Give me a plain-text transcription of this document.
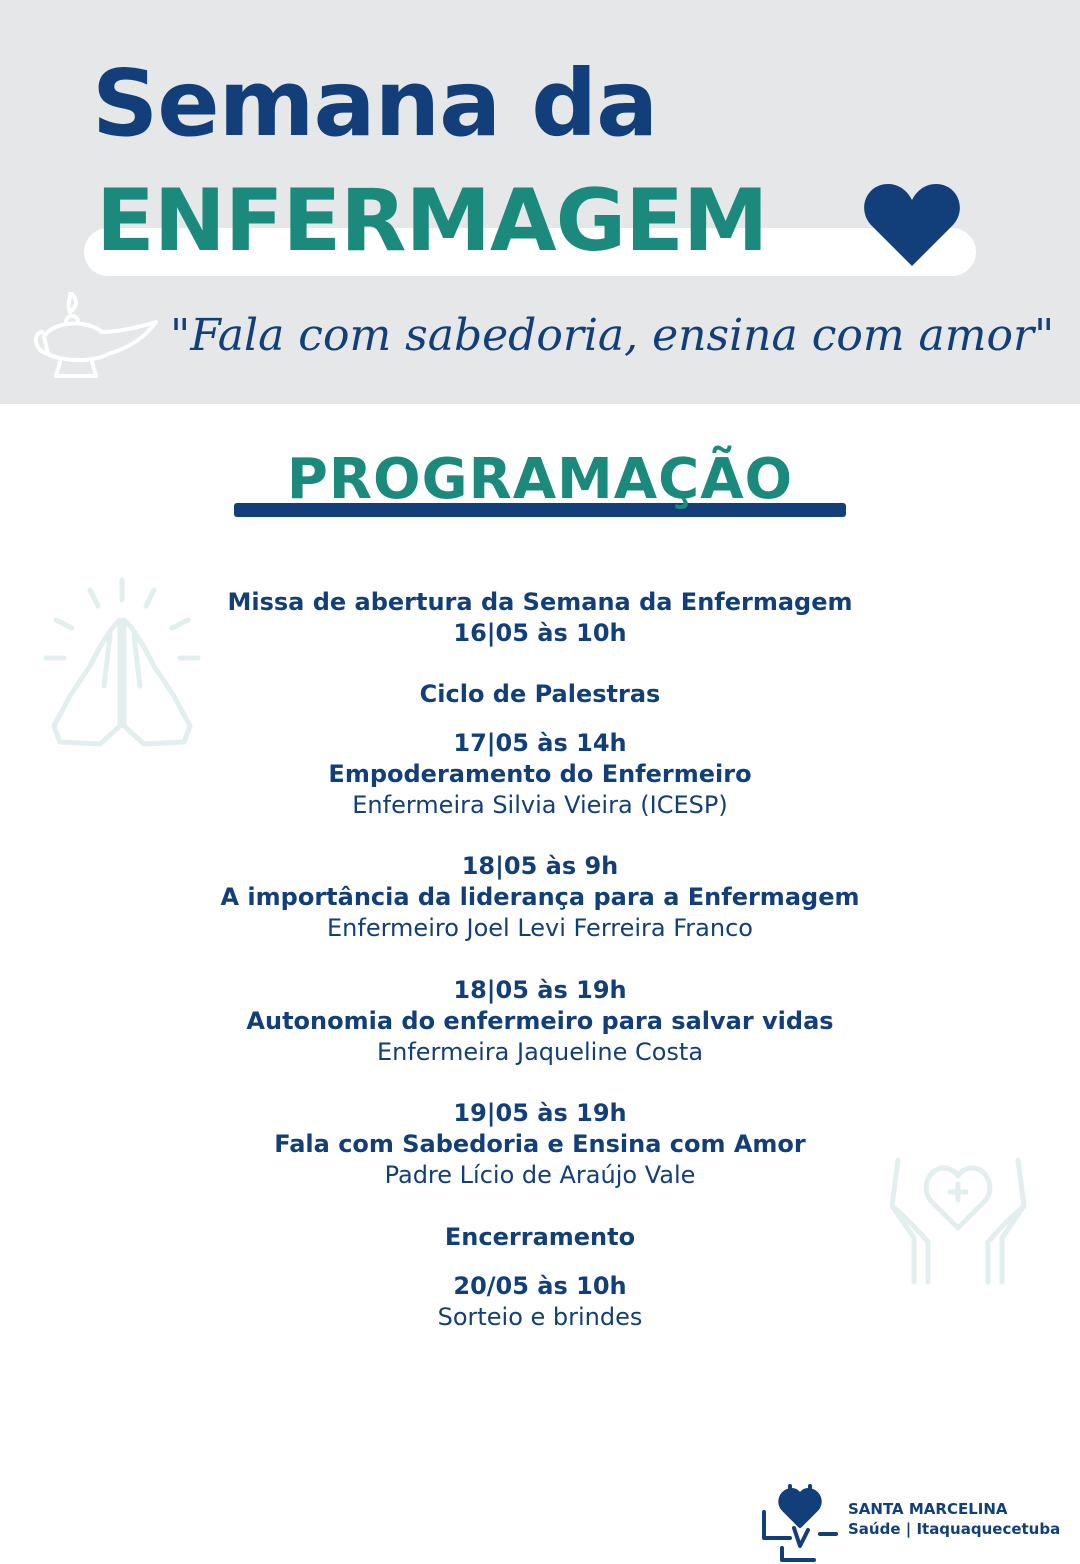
Semana da
ENFERMAGEM
"Fala com sabedoria, ensina com amor"
PROGRAMAÇÃO
Missa de abertura da Semana da Enfermagem
16|05 às 10h
Ciclo de Palestras
17|05 às 14h
Empoderamento do Enfermeiro
Enfermeira Silvia Vieira (ICESP)
18|05 às 9h
A importância da liderança para a Enfermagem
Enfermeiro Joel Levi Ferreira Franco
18|05 às 19h
Autonomia do enfermeiro para salvar vidas
Enfermeira Jaqueline Costa
19|05 às 19h
Fala com Sabedoria e Ensina com Amor
Padre Lício de Araújo Vale
Encerramento
20/05 às 10h
Sorteio e brindes
SANTA MARCELINA
Saúde | Itaquaquecetuba
